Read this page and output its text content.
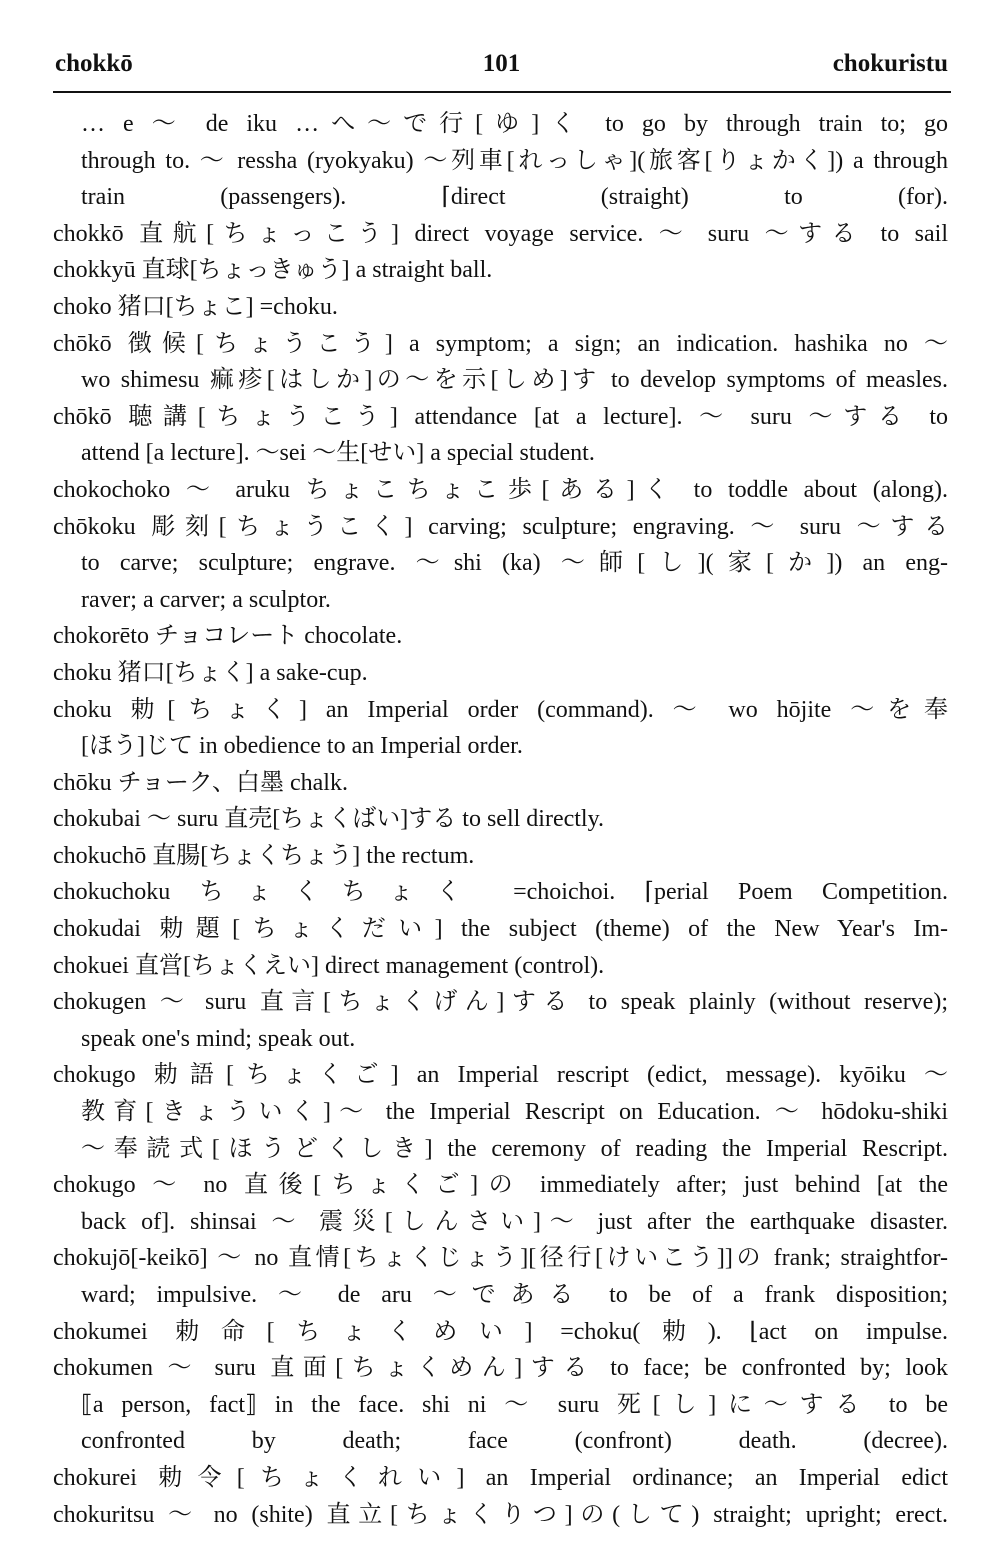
chokkō	101	chokuristu
… e ～ de iku …へ～で行[ゆ]く to go by through train to; go
through to. ～ ressha (ryokyaku) ～列車[れっしゃ](旅客[りょかく]) a through
train (passengers). ⌈direct (straight) to (for).
chokkō 直航[ちょっこう] direct voyage service. ～ suru ～する to sail
chokkyū 直球[ちょっきゅう] a straight ball.
choko 猪口[ちょこ] =choku.
chōkō 徴候[ちょうこう] a symptom; a sign; an indication. hashika no ～
wo shimesu 痲疹[はしか]の～を示[しめ]す to develop symptoms of measles.
chōkō 聴講[ちょうこう] attendance [at a lecture]. ～ suru ～する to
attend [a lecture]. ～sei ～生[せい] a special student.
chokochoko ～ aruku ちょこちょこ歩[ある]く to toddle about (along).
chōkoku 彫刻[ちょうこく] carving; sculpture; engraving. ～ suru ～する
to carve; sculpture; engrave. ～shi (ka) ～師[し](家[か]) an eng-
raver; a carver; a sculptor.
chokorēto チョコレート chocolate.
choku 猪口[ちょく] a sake-cup.
choku 勅[ちょく] an Imperial order (command). ～ wo hōjite ～を奉
[ほう]じて in obedience to an Imperial order.
chōku チョーク、白墨 chalk.
chokubai ～ suru 直売[ちょくばい]する to sell directly.
chokuchō 直腸[ちょくちょう] the rectum.
chokuchoku ちょくちょく =choichoi. ⌈perial Poem Competition.
chokudai 勅題[ちょくだい] the subject (theme) of the New Year's Im-
chokuei 直営[ちょくえい] direct management (control).
chokugen ～ suru 直言[ちょくげん]する to speak plainly (without reserve);
speak one's mind; speak out.
chokugo 勅語[ちょくご] an Imperial rescript (edict, message). kyōiku ～
教育[きょういく]～ the Imperial Rescript on Education. ～ hōdoku-shiki
～奉読式[ほうどくしき] the ceremony of reading the Imperial Rescript.
chokugo ～ no 直後[ちょくご]の immediately after; just behind [at the
back of]. shinsai ～ 震災[しんさい]～ just after the earthquake disaster.
chokujō[-keikō] ～ no 直情[ちょくじょう][径行[けいこう]]の frank; straightfor-
ward; impulsive. ～ de aru ～である to be of a frank disposition;
chokumei 勅命[ちょくめい] =choku(勅). ⌊act on impulse.
chokumen ～ suru 直面[ちょくめん]する to face; be confronted by; look
⟦a person, fact⟧ in the face. shi ni ～ suru 死[し]に～する to be
confronted by death; face (confront) death. (decree).
chokurei 勅令[ちょくれい] an Imperial ordinance; an Imperial edict
chokuritsu ～ no (shite) 直立[ちょくりつ]の(して) straight; upright; erect.
